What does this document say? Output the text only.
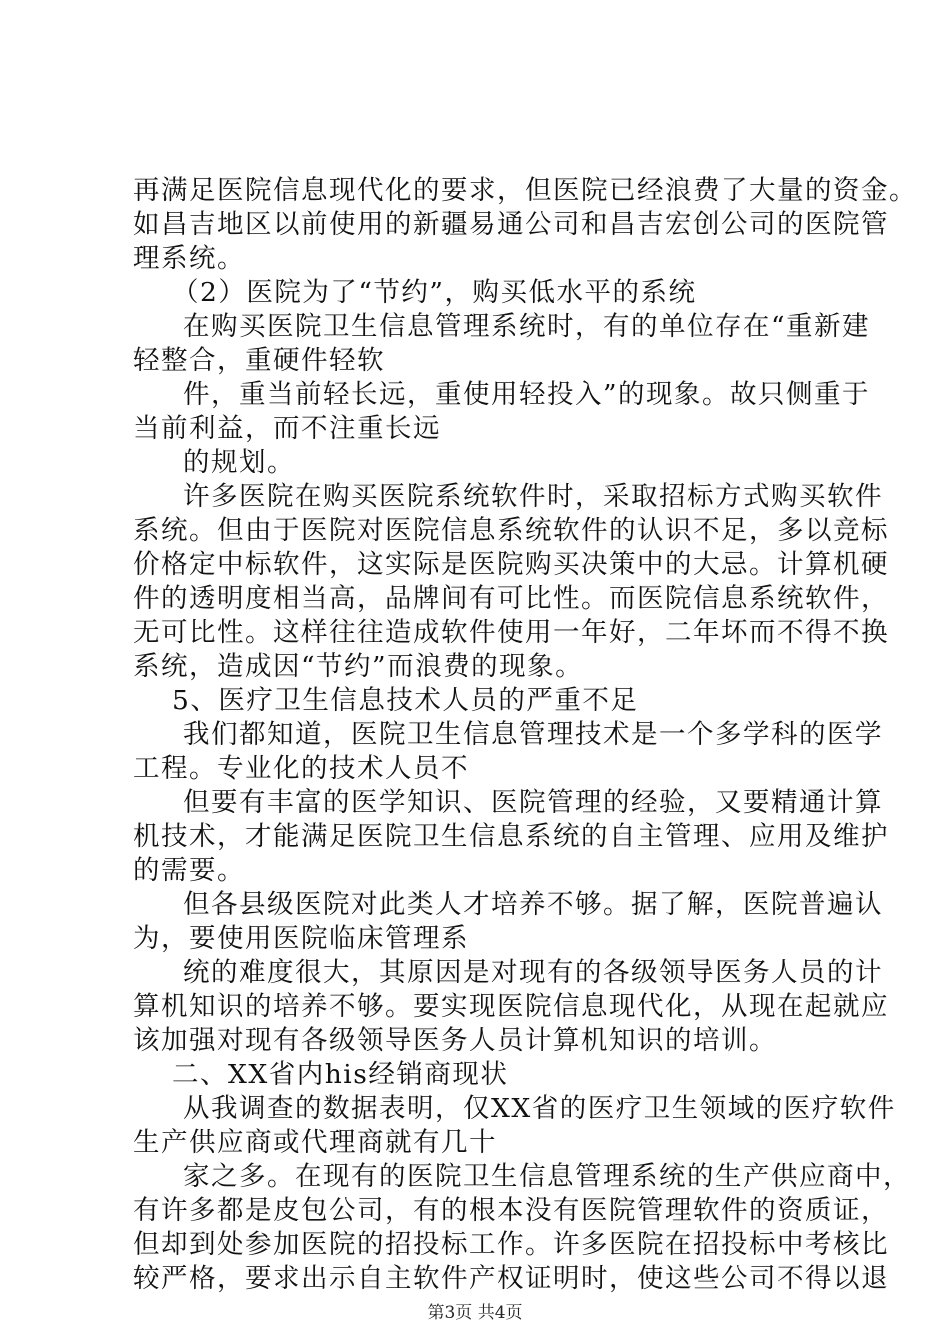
再满足医院信息现代化的要求，但医院已经浪费了大量的资金。
如昌吉地区以前使用的新疆易通公司和昌吉宏创公司的医院管
理系统。
（2）医院为了“节约”，购买低水平的系统
在购买医院卫生信息管理系统时，有的单位存在“重新建
轻整合，重硬件轻软
件，重当前轻长远，重使用轻投入”的现象。故只侧重于
当前利益，而不注重长远
的规划。
许多医院在购买医院系统软件时，采取招标方式购买软件
系统。但由于医院对医院信息系统软件的认识不足，多以竞标
价格定中标软件，这实际是医院购买决策中的大忌。计算机硬
件的透明度相当高，品牌间有可比性。而医院信息系统软件，
无可比性。这样往往造成软件使用一年好，二年坏而不得不换
系统，造成因“节约”而浪费的现象。
5、医疗卫生信息技术人员的严重不足
我们都知道，医院卫生信息管理技术是一个多学科的医学
工程。专业化的技术人员不
但要有丰富的医学知识、医院管理的经验，又要精通计算
机技术，才能满足医院卫生信息系统的自主管理、应用及维护
的需要。
但各县级医院对此类人才培养不够。据了解，医院普遍认
为，要使用医院临床管理系
统的难度很大，其原因是对现有的各级领导医务人员的计
算机知识的培养不够。要实现医院信息现代化，从现在起就应
该加强对现有各级领导医务人员计算机知识的培训。
二、XX省内his经销商现状
从我调查的数据表明，仅XX省的医疗卫生领域的医疗软件
生产供应商或代理商就有几十
家之多。在现有的医院卫生信息管理系统的生产供应商中，
有许多都是皮包公司，有的根本没有医院管理软件的资质证，
但却到处参加医院的招投标工作。许多医院在招投标中考核比
较严格，要求出示自主软件产权证明时，使这些公司不得以退
第3页 共4页
